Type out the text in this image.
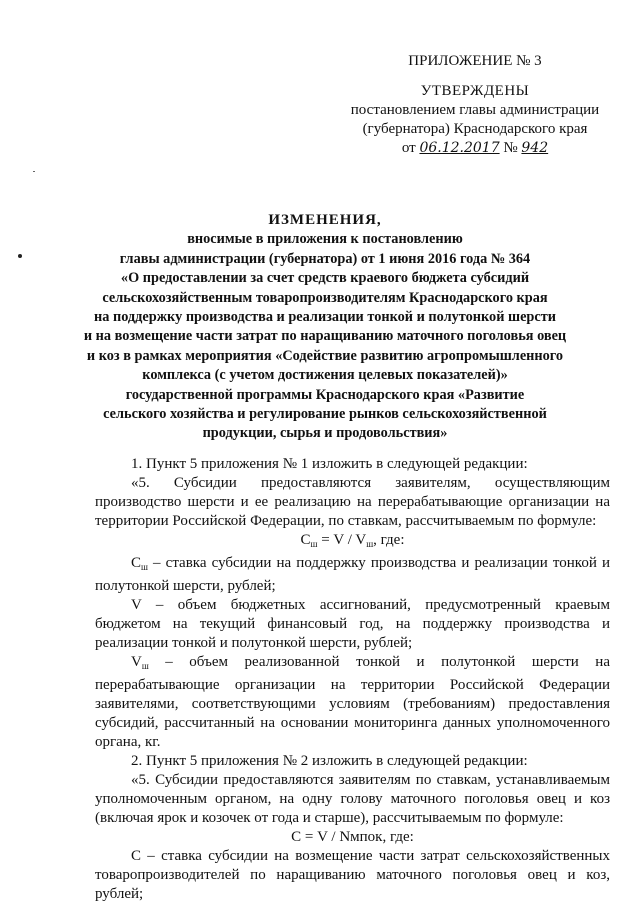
ПРИЛОЖЕНИЕ № 3
УТВЕРЖДЕНЫ
постановлением главы администрации
(губернатора) Краснодарского края
от 06.12.2017 № 942
ИЗМЕНЕНИЯ,
вносимые в приложения к постановлению
главы администрации (губернатора) от 1 июня 2016 года № 364
«О предоставлении за счет средств краевого бюджета субсидий
сельскохозяйственным товаропроизводителям Краснодарского края
на поддержку производства и реализации тонкой и полутонкой шерсти
и на возмещение части затрат по наращиванию маточного поголовья овец
и коз в рамках мероприятия «Содействие развитию агропромышленного
комплекса (с учетом достижения целевых показателей)»
государственной программы Краснодарского края «Развитие
сельского хозяйства и регулирование рынков сельскохозяйственной
продукции, сырья и продовольствия»

1. Пункт 5 приложения № 1 изложить в следующей редакции:

«5. Субсидии предоставляются заявителям, осуществляющим производство шерсти и ее реализацию на перерабатывающие организации на территории Российской Федерации, по ставкам, рассчитываемым по формуле:

$С_ш = V / V_ш$, где:

$С_ш$ – ставка субсидии на поддержку производства и реализации тонкой и полутонкой шерсти, рублей;

V – объем бюджетных ассигнований, предусмотренный краевым бюджетом на текущий финансовый год, на поддержку производства и реализации тонкой и полутонкой шерсти, рублей;

$V_ш$ – объем реализованной тонкой и полутонкой шерсти на перерабатывающие организации на территории Российской Федерации заявителями, соответствующими условиям (требованиям) предоставления субсидий, рассчитанный на основании мониторинга данных уполномоченного органа, кг.

2. Пункт 5 приложения № 2 изложить в следующей редакции:

«5. Субсидии предоставляются заявителям по ставкам, устанавливаемым уполномоченным органом, на одну голову маточного поголовья овец и коз (включая ярок и козочек от года и старше), рассчитываемым по формуле:

С = V / Nмпок, где:

С – ставка субсидии на возмещение части затрат сельскохозяйственных товаропроизводителей по наращиванию маточного поголовья овец и коз, рублей;
